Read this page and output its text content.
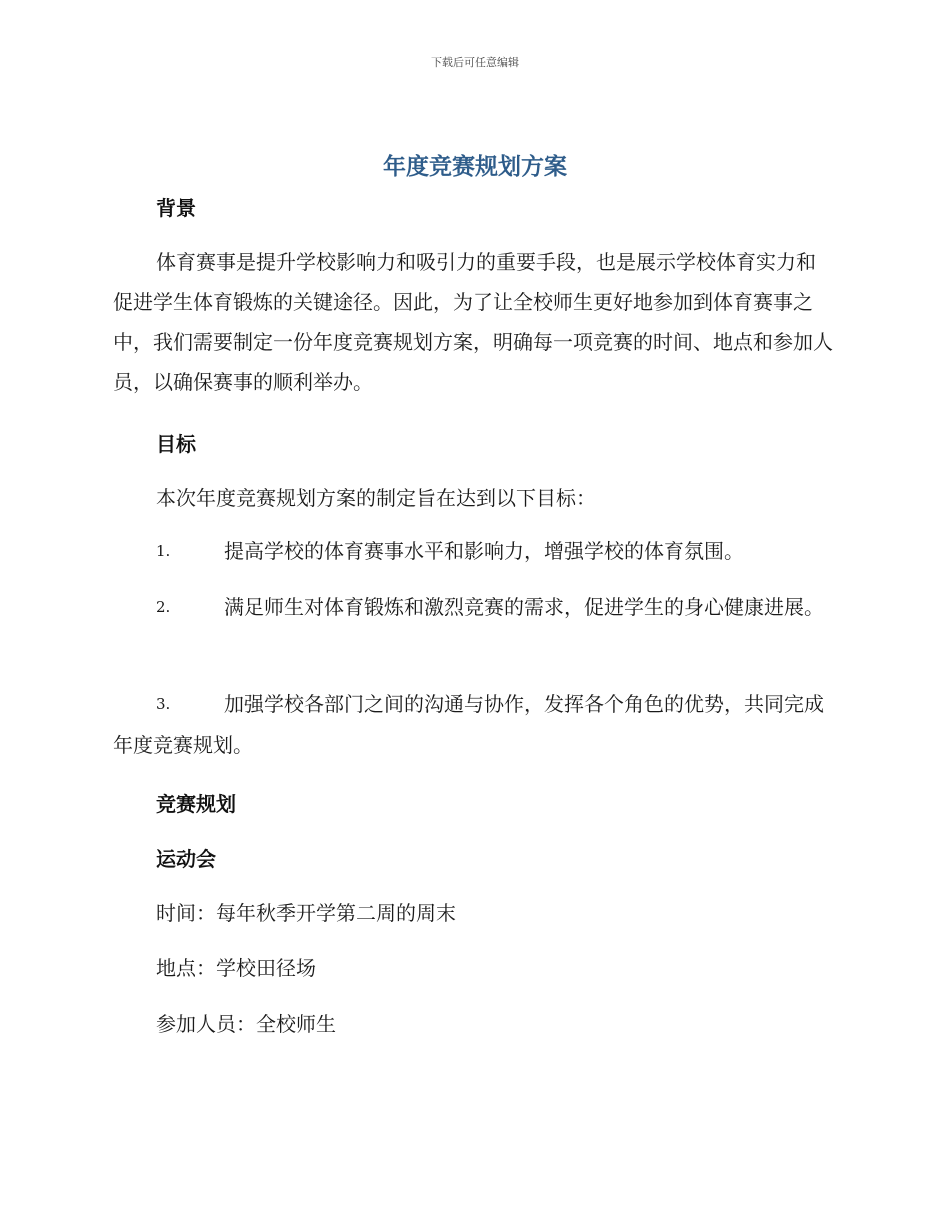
下载后可任意编辑
年度竞赛规划方案
背景
体育赛事是提升学校影响力和吸引力的重要手段，也是展示学校体育实力和促进学生体育锻炼的关键途径。因此，为了让全校师生更好地参加到体育赛事之中，我们需要制定一份年度竞赛规划方案，明确每一项竞赛的时间、地点和参加人员，以确保赛事的顺利举办。
目标
本次年度竞赛规划方案的制定旨在达到以下目标：
1.	提高学校的体育赛事水平和影响力，增强学校的体育氛围。
2.	满足师生对体育锻炼和激烈竞赛的需求，促进学生的身心健康进展。
3.	加强学校各部门之间的沟通与协作，发挥各个角色的优势，共同完成年度竞赛规划。
竞赛规划
运动会
时间：每年秋季开学第二周的周末
地点：学校田径场
参加人员：全校师生
